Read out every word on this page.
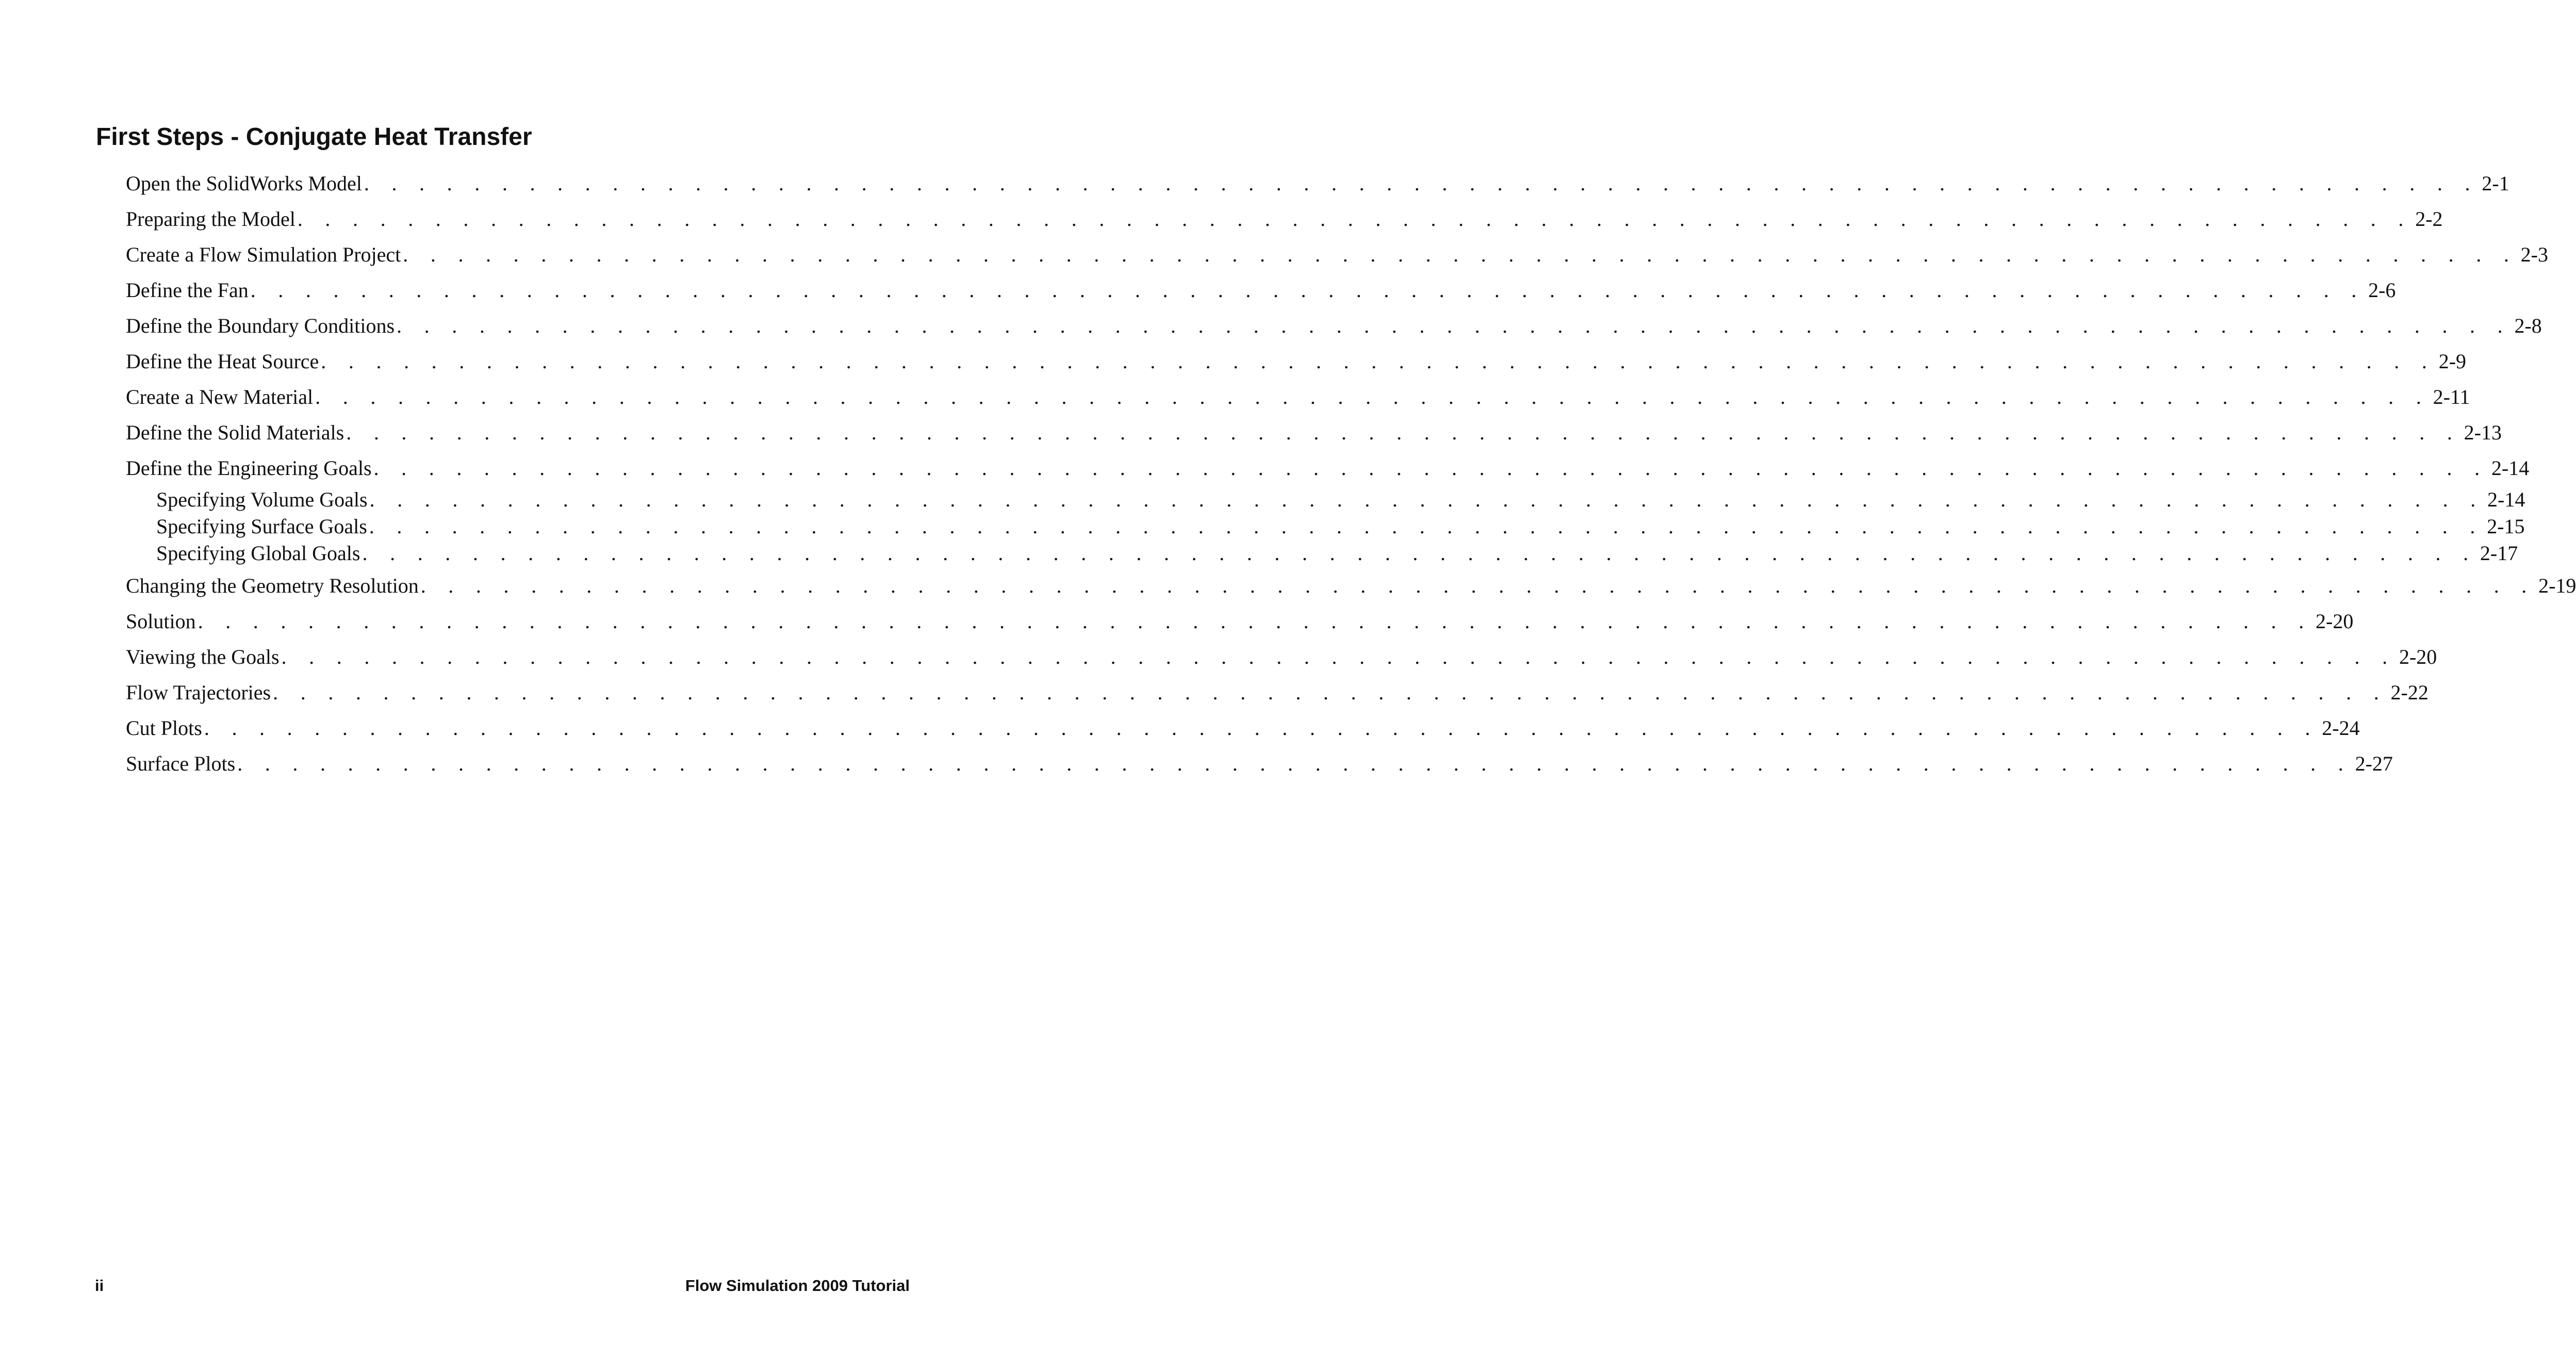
First Steps - Conjugate Heat Transfer
Open the SolidWorks Model . . . . . . . . . . . . . . . . . . . . . . . . . . . . . . . . . . . . . . . . . . . . . . . . . . . . . . . . . . . . . . . . . . . . . . . . . . . . . 2-1
Preparing the Model . . . . . . . . . . . . . . . . . . . . . . . . . . . . . . . . . . . . . . . . . . . . . . . . . . . . . . . . . . . . . . . . . . . . . . . . . . . . . 2-2
Create a Flow Simulation Project . . . . . . . . . . . . . . . . . . . . . . . . . . . . . . . . . . . . . . . . . . . . . . . . . . . . . . . . . . . . . . . . . . . . . . . . . . . . . 2-3
Define the Fan . . . . . . . . . . . . . . . . . . . . . . . . . . . . . . . . . . . . . . . . . . . . . . . . . . . . . . . . . . . . . . . . . . . . . . . . . . . . . 2-6
Define the Boundary Conditions . . . . . . . . . . . . . . . . . . . . . . . . . . . . . . . . . . . . . . . . . . . . . . . . . . . . . . . . . . . . . . . . . . . . . . . . . . . . . 2-8
Define the Heat Source . . . . . . . . . . . . . . . . . . . . . . . . . . . . . . . . . . . . . . . . . . . . . . . . . . . . . . . . . . . . . . . . . . . . . . . . . . . . . 2-9
Create a New Material . . . . . . . . . . . . . . . . . . . . . . . . . . . . . . . . . . . . . . . . . . . . . . . . . . . . . . . . . . . . . . . . . . . . . . . . . . . . . 2-11
Define the Solid Materials . . . . . . . . . . . . . . . . . . . . . . . . . . . . . . . . . . . . . . . . . . . . . . . . . . . . . . . . . . . . . . . . . . . . . . . . . . . . . 2-13
Define the Engineering Goals . . . . . . . . . . . . . . . . . . . . . . . . . . . . . . . . . . . . . . . . . . . . . . . . . . . . . . . . . . . . . . . . . . . . . . . . . . . . . 2-14
Specifying Volume Goals . . . . . . . . . . . . . . . . . . . . . . . . . . . . . . . . . . . . . . . . . . . . . . . . . . . . . . . . . . . . . . . . . . . . . . . . . . . . . 2-14
Specifying Surface Goals . . . . . . . . . . . . . . . . . . . . . . . . . . . . . . . . . . . . . . . . . . . . . . . . . . . . . . . . . . . . . . . . . . . . . . . . . . . . . 2-15
Specifying Global Goals . . . . . . . . . . . . . . . . . . . . . . . . . . . . . . . . . . . . . . . . . . . . . . . . . . . . . . . . . . . . . . . . . . . . . . . . . . . . . 2-17
Changing the Geometry Resolution . . . . . . . . . . . . . . . . . . . . . . . . . . . . . . . . . . . . . . . . . . . . . . . . . . . . . . . . . . . . . . . . . . . . . . . . . . . . . 2-19
Solution . . . . . . . . . . . . . . . . . . . . . . . . . . . . . . . . . . . . . . . . . . . . . . . . . . . . . . . . . . . . . . . . . . . . . . . . . . . . . 2-20
Viewing the Goals . . . . . . . . . . . . . . . . . . . . . . . . . . . . . . . . . . . . . . . . . . . . . . . . . . . . . . . . . . . . . . . . . . . . . . . . . . . . . 2-20
Flow Trajectories . . . . . . . . . . . . . . . . . . . . . . . . . . . . . . . . . . . . . . . . . . . . . . . . . . . . . . . . . . . . . . . . . . . . . . . . . . . . . 2-22
Cut Plots . . . . . . . . . . . . . . . . . . . . . . . . . . . . . . . . . . . . . . . . . . . . . . . . . . . . . . . . . . . . . . . . . . . . . . . . . . . . . 2-24
Surface Plots . . . . . . . . . . . . . . . . . . . . . . . . . . . . . . . . . . . . . . . . . . . . . . . . . . . . . . . . . . . . . . . . . . . . . . . . . . . . . 2-27
ii	Flow Simulation 2009 Tutorial
